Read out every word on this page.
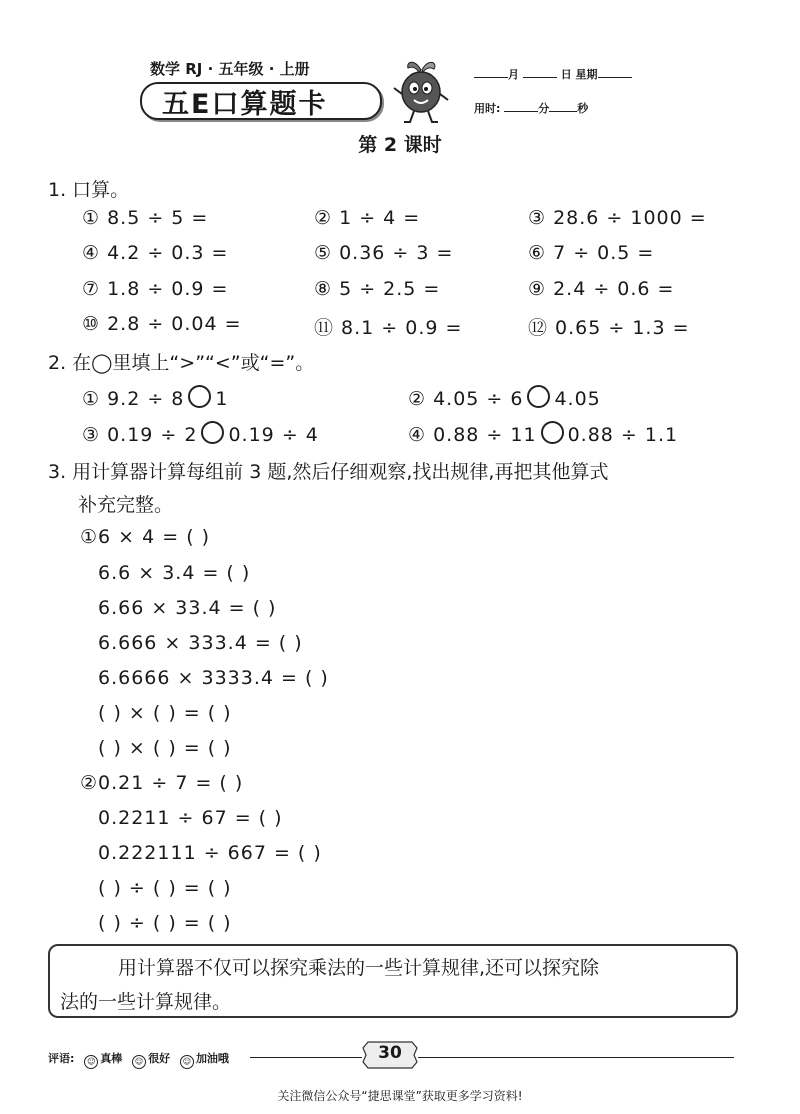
数学 RJ · 五年级 · 上册
五E口算题卡
月	日 星期
用时:	分	秒
第 2 课时
1. 口算。
① 8.5 ÷ 5 =	② 1 ÷ 4 =	③ 28.6 ÷ 1000 =
④ 4.2 ÷ 0.3 =	⑤ 0.36 ÷ 3 =	⑥ 7 ÷ 0.5 =
⑦ 1.8 ÷ 0.9 =	⑧ 5 ÷ 2.5 =	⑨ 2.4 ÷ 0.6 =
⑩ 2.8 ÷ 0.04 =	⑪ 8.1 ÷ 0.9 =	⑫ 0.65 ÷ 1.3 =
2. 在◯里填上“>”“<”或“=”。
① 9.2 ÷ 8 1	② 4.05 ÷ 6 4.05
③ 0.19 ÷ 2 0.19 ÷ 4	④ 0.88 ÷ 11 0.88 ÷ 1.1
3. 用计算器计算每组前 3 题,然后仔细观察,找出规律,再把其他算式
补充完整。
①6 × 4 = ( )
6.6 × 3.4 = ( )
6.66 × 33.4 = ( )
6.666 × 333.4 = ( )
6.6666 × 3333.4 = ( )
( ) × ( ) = ( )
( ) × ( ) = ( )
②0.21 ÷ 7 = ( )
0.2211 ÷ 67 = ( )
0.222111 ÷ 667 = ( )
( ) ÷ ( ) = ( )
( ) ÷ ( ) = ( )
用计算器不仅可以探究乘法的一些计算规律,还可以探究除
法的一些计算规律。
评语: ☺ 真棒 ☺ 很好 ☺ 加油哦	30
关注微信公众号“捷思课堂”获取更多学习资料!
